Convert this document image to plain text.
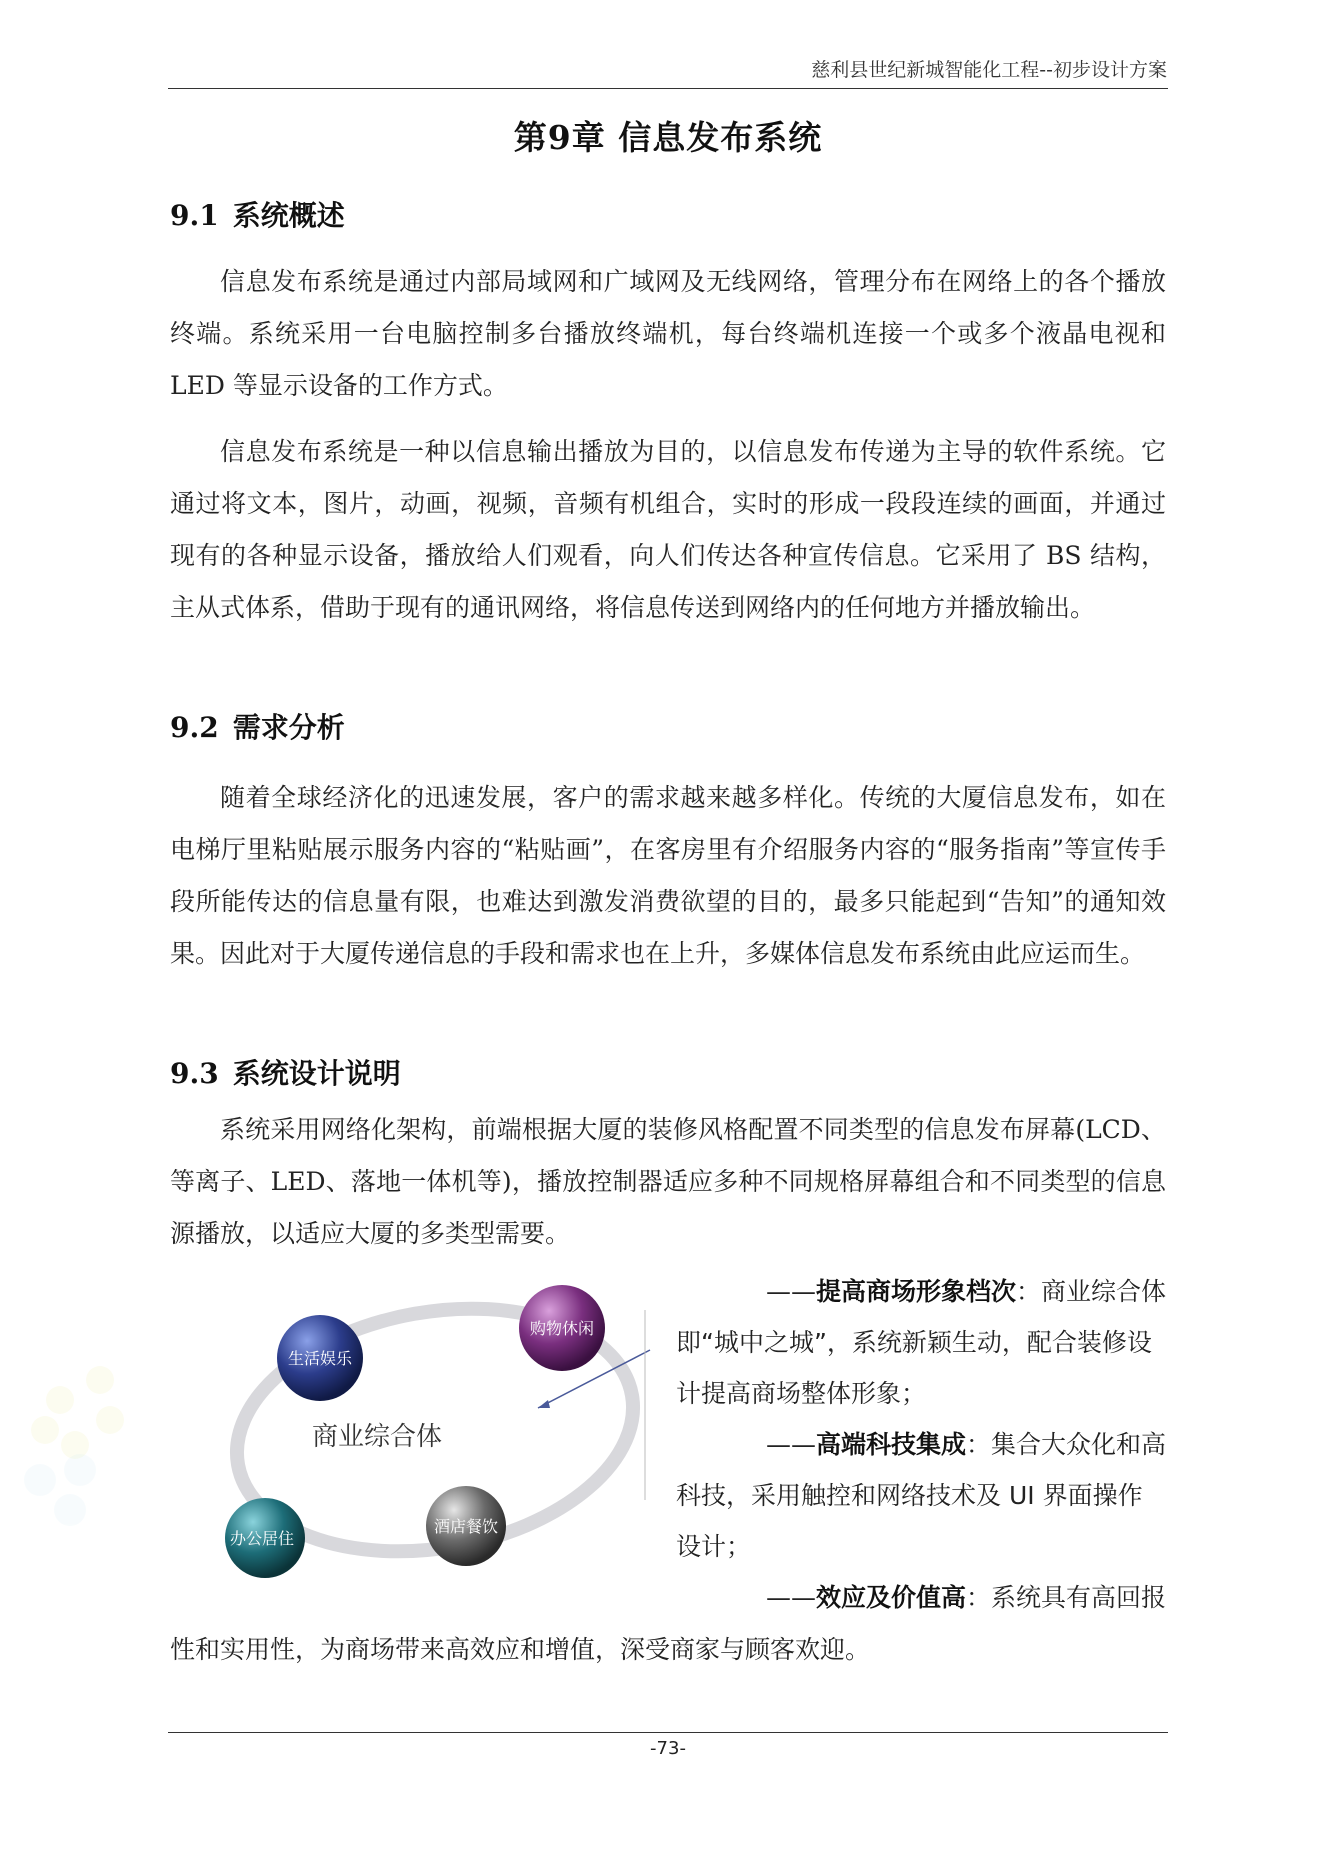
慈利县世纪新城智能化工程--初步设计方案
第9章 信息发布系统
9.1 系统概述

信息发布系统是通过内部局域网和广域网及无线网络，管理分布在网络上的各个播放终端。系统采用一台电脑控制多台播放终端机，每台终端机连接一个或多个液晶电视和 LED 等显示设备的工作方式。

信息发布系统是一种以信息输出播放为目的，以信息发布传递为主导的软件系统。它通过将文本，图片，动画，视频，音频有机组合，实时的形成一段段连续的画面，并通过现有的各种显示设备，播放给人们观看，向人们传达各种宣传信息。它采用了 BS 结构，主从式体系，借助于现有的通讯网络，将信息传送到网络内的任何地方并播放输出。

9.2 需求分析

随着全球经济化的迅速发展，客户的需求越来越多样化。传统的大厦信息发布，如在电梯厅里粘贴展示服务内容的“粘贴画”，在客房里有介绍服务内容的“服务指南”等宣传手段所能传达的信息量有限，也难达到激发消费欲望的目的，最多只能起到“告知”的通知效果。因此对于大厦传递信息的手段和需求也在上升，多媒体信息发布系统由此应运而生。

9.3 系统设计说明

系统采用网络化架构，前端根据大厦的装修风格配置不同类型的信息发布屏幕(LCD、等离子、LED、落地一体机等)，播放控制器适应多种不同规格屏幕组合和不同类型的信息源播放，以适应大厦的多类型需要。

商业综合体
生活娱乐
购物休闲
办公居住
酒店餐饮

——提高商场形象档次：商业综合体
即“城中之城”，系统新颖生动，配合装修设计提高商场整体形象；

——高端科技集成：集合大众化和高
科技，采用触控和网络技术及 UI 界面操作设计；

——效应及价值高：系统具有高回报

性和实用性，为商场带来高效应和增值，深受商家与顾客欢迎。

-73-
